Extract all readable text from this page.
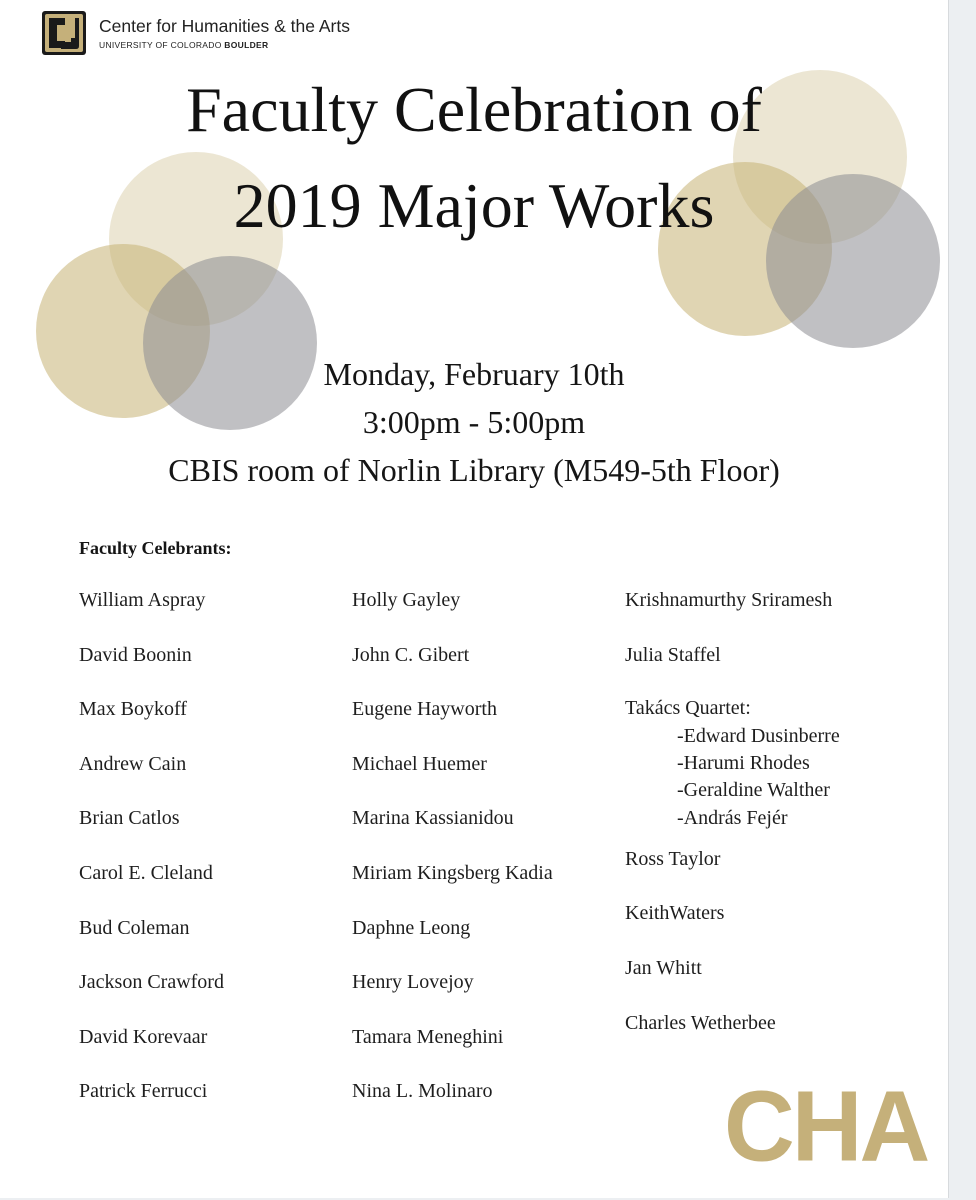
Center for Humanities & the Arts
UNIVERSITY OF COLORADO BOULDER
Faculty Celebration of
2019 Major Works
Monday, February 10th
3:00pm - 5:00pm
CBIS room of Norlin Library (M549-5th Floor)
Faculty Celebrants:
William Aspray
David Boonin
Max Boykoff
Andrew Cain
Brian Catlos
Carol E. Cleland
Bud Coleman
Jackson Crawford
David Korevaar
Patrick Ferrucci
Holly Gayley
John C. Gibert
Eugene Hayworth
Michael Huemer
Marina Kassianidou
Miriam Kingsberg Kadia
Daphne Leong
Henry Lovejoy
Tamara Meneghini
Nina L. Molinaro
Krishnamurthy Sriramesh
Julia Staffel
Takács Quartet:
-Edward Dusinberre
-Harumi Rhodes
-Geraldine Walther
-András Fejér
Ross Taylor
KeithWaters
Jan Whitt
Charles Wetherbee
CHA
